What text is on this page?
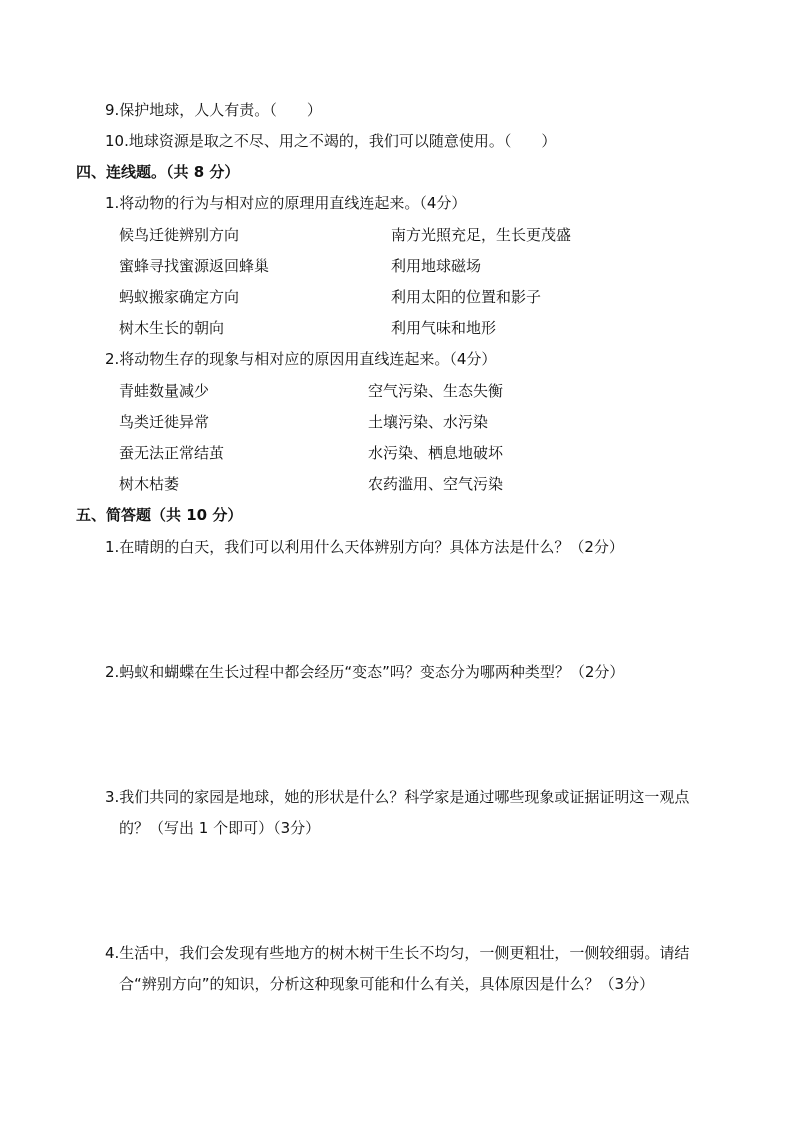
9.保护地球，人人有责。（　　）
10.地球资源是取之不尽、用之不竭的，我们可以随意使用。（　　）
四、连线题。（共 8 分）
1.将动物的行为与相对应的原理用直线连起来。（4分）
候鸟迁徙辨别方向
蜜蜂寻找蜜源返回蜂巢
蚂蚁搬家确定方向
树木生长的朝向
南方光照充足，生长更茂盛
利用地球磁场
利用太阳的位置和影子
利用气味和地形
2.将动物生存的现象与相对应的原因用直线连起来。（4分）
青蛙数量减少
鸟类迁徙异常
蚕无法正常结茧
树木枯萎
空气污染、生态失衡
土壤污染、水污染
水污染、栖息地破坏
农药滥用、空气污染
五、简答题（共 10 分）
1.在晴朗的白天，我们可以利用什么天体辨别方向？具体方法是什么？（2分）
2.蚂蚁和蝴蝶在生长过程中都会经历“变态”吗？变态分为哪两种类型？（2分）
3.我们共同的家园是地球，她的形状是什么？科学家是通过哪些现象或证据证明这一观点
的？（写出 1 个即可）（3分）
4.生活中，我们会发现有些地方的树木树干生长不均匀，一侧更粗壮，一侧较细弱。请结
合“辨别方向”的知识，分析这种现象可能和什么有关，具体原因是什么？（3分）
